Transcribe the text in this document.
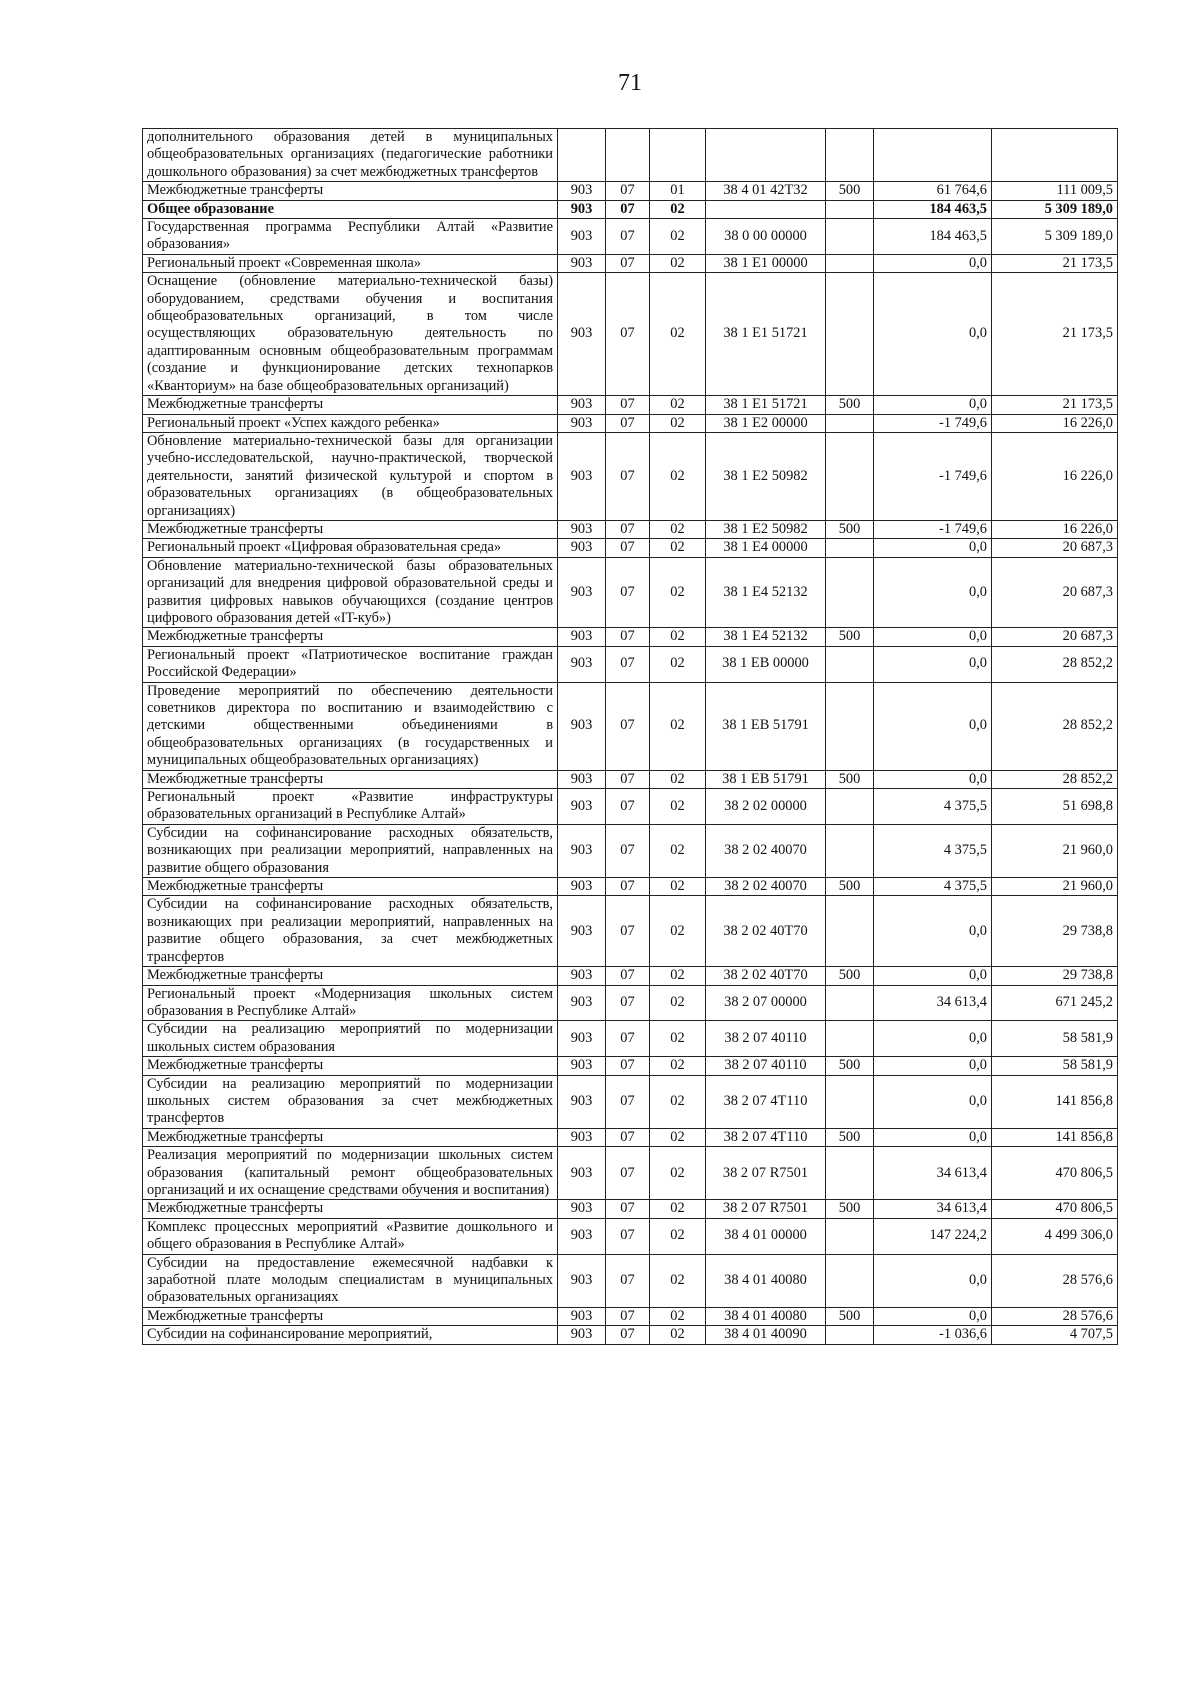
71
дополнительного образования детей в муниципальных общеобразовательных организациях (педагогические работники дошкольного образования) за счет межбюджетных трансфертов							
Межбюджетные трансферты	903	07	01	38 4 01 42T32	500	61 764,6	111 009,5
Общее образование	903	07	02			184 463,5	5 309 189,0
Государственная программа Республики Алтай «Развитие образования»	903	07	02	38 0 00 00000		184 463,5	5 309 189,0
Региональный проект «Современная школа»	903	07	02	38 1 E1 00000		0,0	21 173,5
Оснащение (обновление материально-технической базы) оборудованием, средствами обучения и воспитания общеобразовательных организаций, в том числе осуществляющих образовательную деятельность по адаптированным основным общеобразовательным программам (создание и функционирование детских технопарков «Кванториум» на базе общеобразовательных организаций)	903	07	02	38 1 E1 51721		0,0	21 173,5
Межбюджетные трансферты	903	07	02	38 1 E1 51721	500	0,0	21 173,5
Региональный проект «Успех каждого ребенка»	903	07	02	38 1 E2 00000		-1 749,6	16 226,0
Обновление материально-технической базы для организации учебно-исследовательской, научно-практической, творческой деятельности, занятий физической культурой и спортом в образовательных организациях (в общеобразовательных организациях)	903	07	02	38 1 E2 50982		-1 749,6	16 226,0
Межбюджетные трансферты	903	07	02	38 1 E2 50982	500	-1 749,6	16 226,0
Региональный проект «Цифровая образовательная среда»	903	07	02	38 1 E4 00000		0,0	20 687,3
Обновление материально-технической базы образовательных организаций для внедрения цифровой образовательной среды и развития цифровых навыков обучающихся (создание центров цифрового образования детей «IT-куб»)	903	07	02	38 1 E4 52132		0,0	20 687,3
Межбюджетные трансферты	903	07	02	38 1 E4 52132	500	0,0	20 687,3
Региональный проект «Патриотическое воспитание граждан Российской Федерации»	903	07	02	38 1 EB 00000		0,0	28 852,2
Проведение мероприятий по обеспечению деятельности советников директора по воспитанию и взаимодействию с детскими общественными объединениями в общеобразовательных организациях (в государственных и муниципальных общеобразовательных организациях)	903	07	02	38 1 EB 51791		0,0	28 852,2
Межбюджетные трансферты	903	07	02	38 1 EB 51791	500	0,0	28 852,2
Региональный проект «Развитие инфраструктуры образовательных организаций в Республике Алтай»	903	07	02	38 2 02 00000		4 375,5	51 698,8
Субсидии на софинансирование расходных обязательств, возникающих при реализации мероприятий, направленных на развитие общего образования	903	07	02	38 2 02 40070		4 375,5	21 960,0
Межбюджетные трансферты	903	07	02	38 2 02 40070	500	4 375,5	21 960,0
Субсидии на софинансирование расходных обязательств, возникающих при реализации мероприятий, направленных на развитие общего образования, за счет межбюджетных трансфертов	903	07	02	38 2 02 40T70		0,0	29 738,8
Межбюджетные трансферты	903	07	02	38 2 02 40T70	500	0,0	29 738,8
Региональный проект «Модернизация школьных систем образования в Республике Алтай»	903	07	02	38 2 07 00000		34 613,4	671 245,2
Субсидии на реализацию мероприятий по модернизации школьных систем образования	903	07	02	38 2 07 40110		0,0	58 581,9
Межбюджетные трансферты	903	07	02	38 2 07 40110	500	0,0	58 581,9
Субсидии на реализацию мероприятий по модернизации школьных систем образования за счет межбюджетных трансфертов	903	07	02	38 2 07 4T110		0,0	141 856,8
Межбюджетные трансферты	903	07	02	38 2 07 4T110	500	0,0	141 856,8
Реализация мероприятий по модернизации школьных систем образования (капитальный ремонт общеобразовательных организаций и их оснащение средствами обучения и воспитания)	903	07	02	38 2 07 R7501		34 613,4	470 806,5
Межбюджетные трансферты	903	07	02	38 2 07 R7501	500	34 613,4	470 806,5
Комплекс процессных мероприятий «Развитие дошкольного и общего образования в Республике Алтай»	903	07	02	38 4 01 00000		147 224,2	4 499 306,0
Субсидии на предоставление ежемесячной надбавки к заработной плате молодым специалистам в муниципальных образовательных организациях	903	07	02	38 4 01 40080		0,0	28 576,6
Межбюджетные трансферты	903	07	02	38 4 01 40080	500	0,0	28 576,6
Субсидии на софинансирование мероприятий,	903	07	02	38 4 01 40090		-1 036,6	4 707,5
